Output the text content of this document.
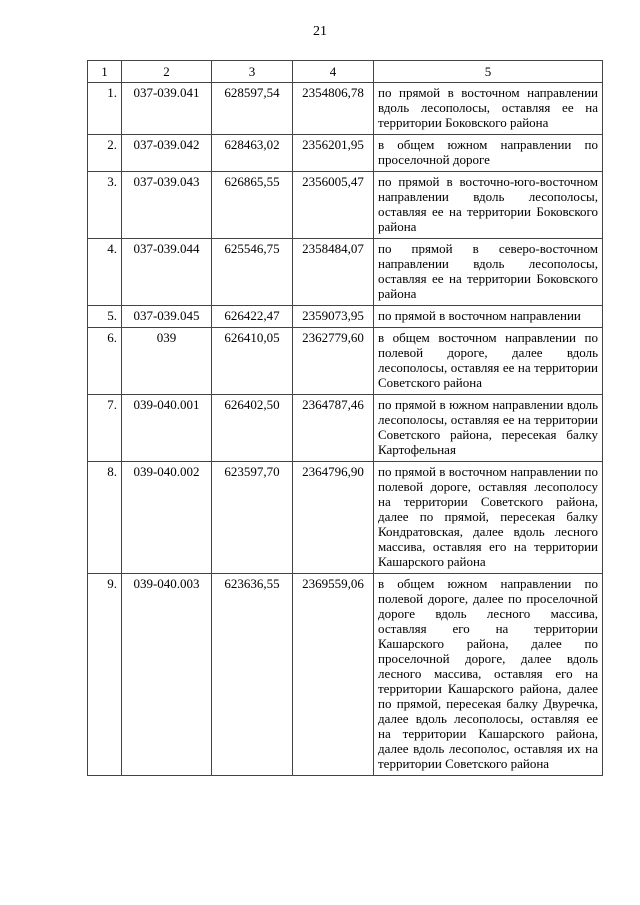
21
1	2	3	4	5
1.	037-039.041	628597,54	2354806,78	по прямой в восточном направлении вдоль лесополосы, оставляя ее на территории Боковского района
2.	037-039.042	628463,02	2356201,95	в общем южном направлении по проселочной дороге
3.	037-039.043	626865,55	2356005,47	по прямой в восточно-юго-восточном направлении вдоль лесополосы, оставляя ее на территории Боковского района
4.	037-039.044	625546,75	2358484,07	по прямой в северо-восточном направлении вдоль лесополосы, оставляя ее на территории Боковского района
5.	037-039.045	626422,47	2359073,95	по прямой в восточном направлении
6.	039	626410,05	2362779,60	в общем восточном направлении по полевой дороге, далее вдоль лесополосы, оставляя ее на территории Советского района
7.	039-040.001	626402,50	2364787,46	по прямой в южном направлении вдоль лесополосы, оставляя ее на территории Советского района, пересекая балку Картофельная
8.	039-040.002	623597,70	2364796,90	по прямой в восточном направлении по полевой дороге, оставляя лесополосу на территории Советского района, далее по прямой, пересекая балку Кондратовская, далее вдоль лесного массива, оставляя его на территории Кашарского района
9.	039-040.003	623636,55	2369559,06	в общем южном направлении по полевой дороге, далее по проселочной дороге вдоль лесного массива, оставляя его на территории Кашарского района, далее по проселочной дороге, далее вдоль лесного массива, оставляя его на территории Кашарского района, далее по прямой, пересекая балку Двуречка, далее вдоль лесополосы, оставляя ее на территории Кашарского района, далее вдоль лесополос, оставляя их на территории Советского района
